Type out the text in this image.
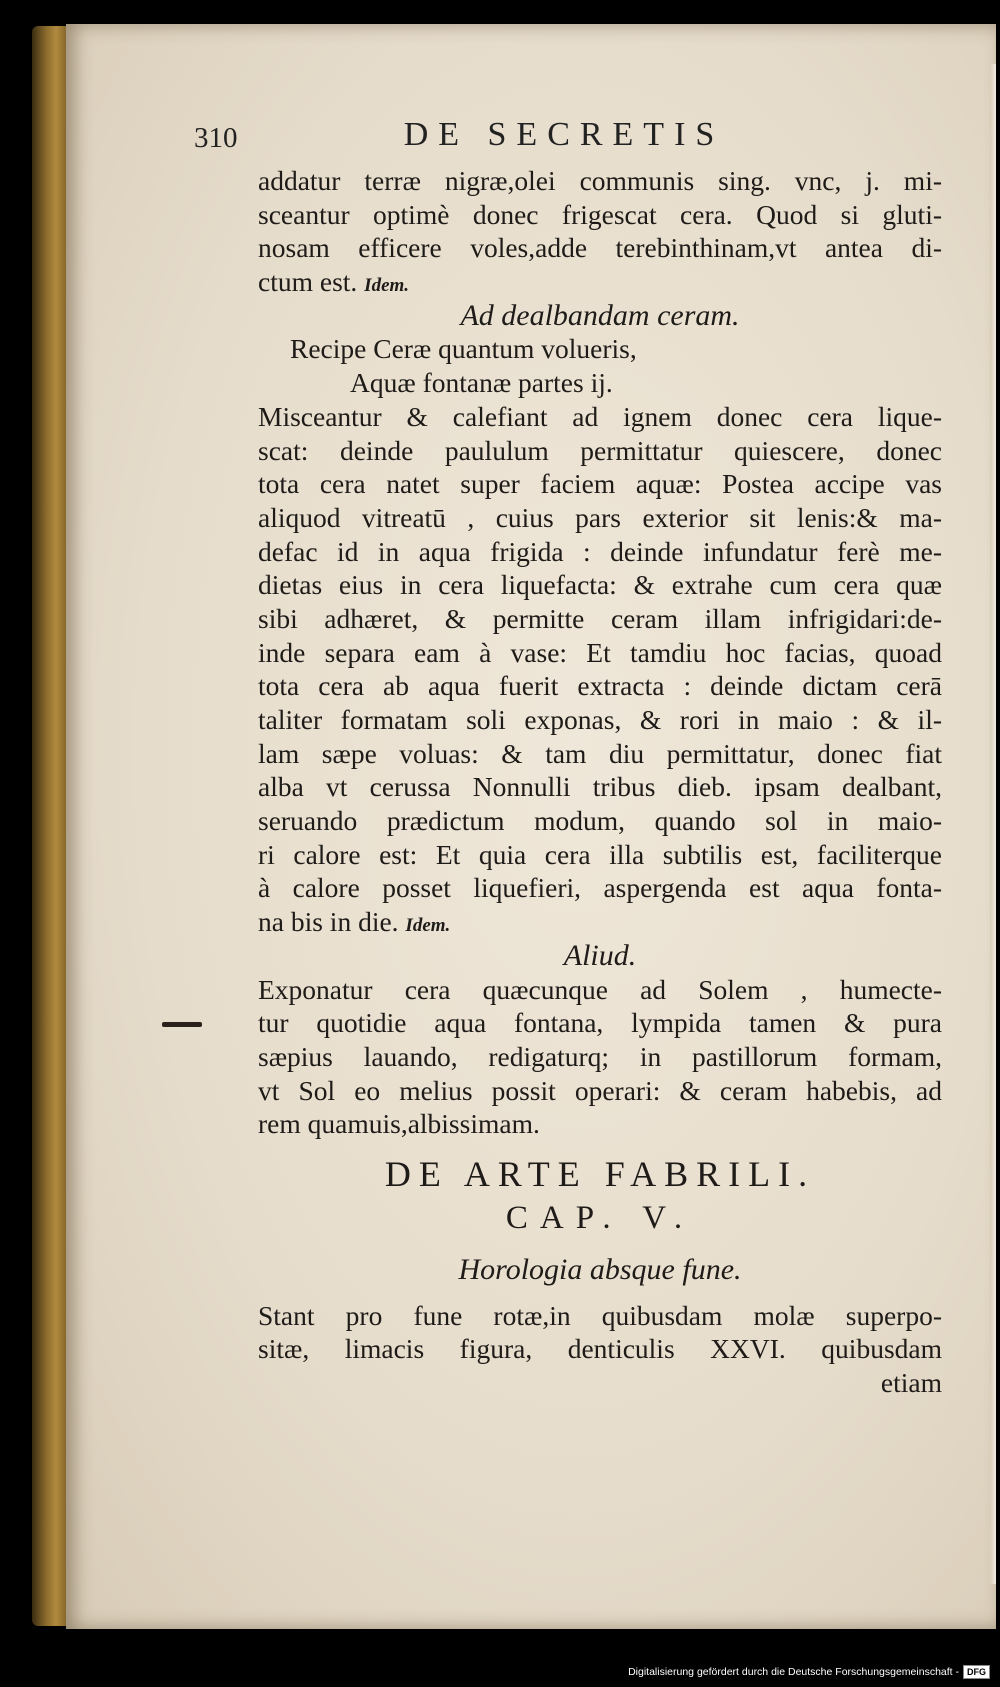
310	DE SECRETIS
addatur terræ nigræ,olei communis sing. vnc, j. mi-
sceantur optimè donec frigescat cera. Quod si gluti-
nosam efficere voles,adde terebinthinam,vt antea di-
ctum est. Idem.
Ad dealbandam ceram.
Recipe Ceræ quantum volueris,
Aquæ fontanæ partes ij.
Misceantur & calefiant ad ignem donec cera lique-
scat: deinde paululum permittatur quiescere, donec
tota cera natet super faciem aquæ: Postea accipe vas
aliquod vitreatū , cuius pars exterior sit lenis:& ma-
defac id in aqua frigida : deinde infundatur ferè me-
dietas eius in cera liquefacta: & extrahe cum cera quæ
sibi adhæret, & permitte ceram illam infrigidari:de-
inde separa eam à vase: Et tamdiu hoc facias, quoad
tota cera ab aqua fuerit extracta : deinde dictam cerā
taliter formatam soli exponas, & rori in maio : & il-
lam sæpe voluas: & tam diu permittatur, donec fiat
alba vt cerussa Nonnulli tribus dieb. ipsam dealbant,
seruando prædictum modum, quando sol in maio-
ri calore est: Et quia cera illa subtilis est, faciliterque
à calore posset liquefieri, aspergenda est aqua fonta-
na bis in die. Idem.
Aliud.
Exponatur cera quæcunque ad Solem , humecte-
tur quotidie aqua fontana, lympida tamen & pura
sæpius lauando, redigaturq; in pastillorum formam,
vt Sol eo melius possit operari: & ceram habebis, ad
rem quamuis,albissimam.
DE ARTE FABRILI.
CAP. V.
Horologia absque fune.
Stant pro fune rotæ,in quibusdam molæ superpo-
sitæ, limacis figura, denticulis XXVI. quibusdam
etiam
Digitalisierung gefördert durch die Deutsche Forschungsgemeinschaft - DFG
